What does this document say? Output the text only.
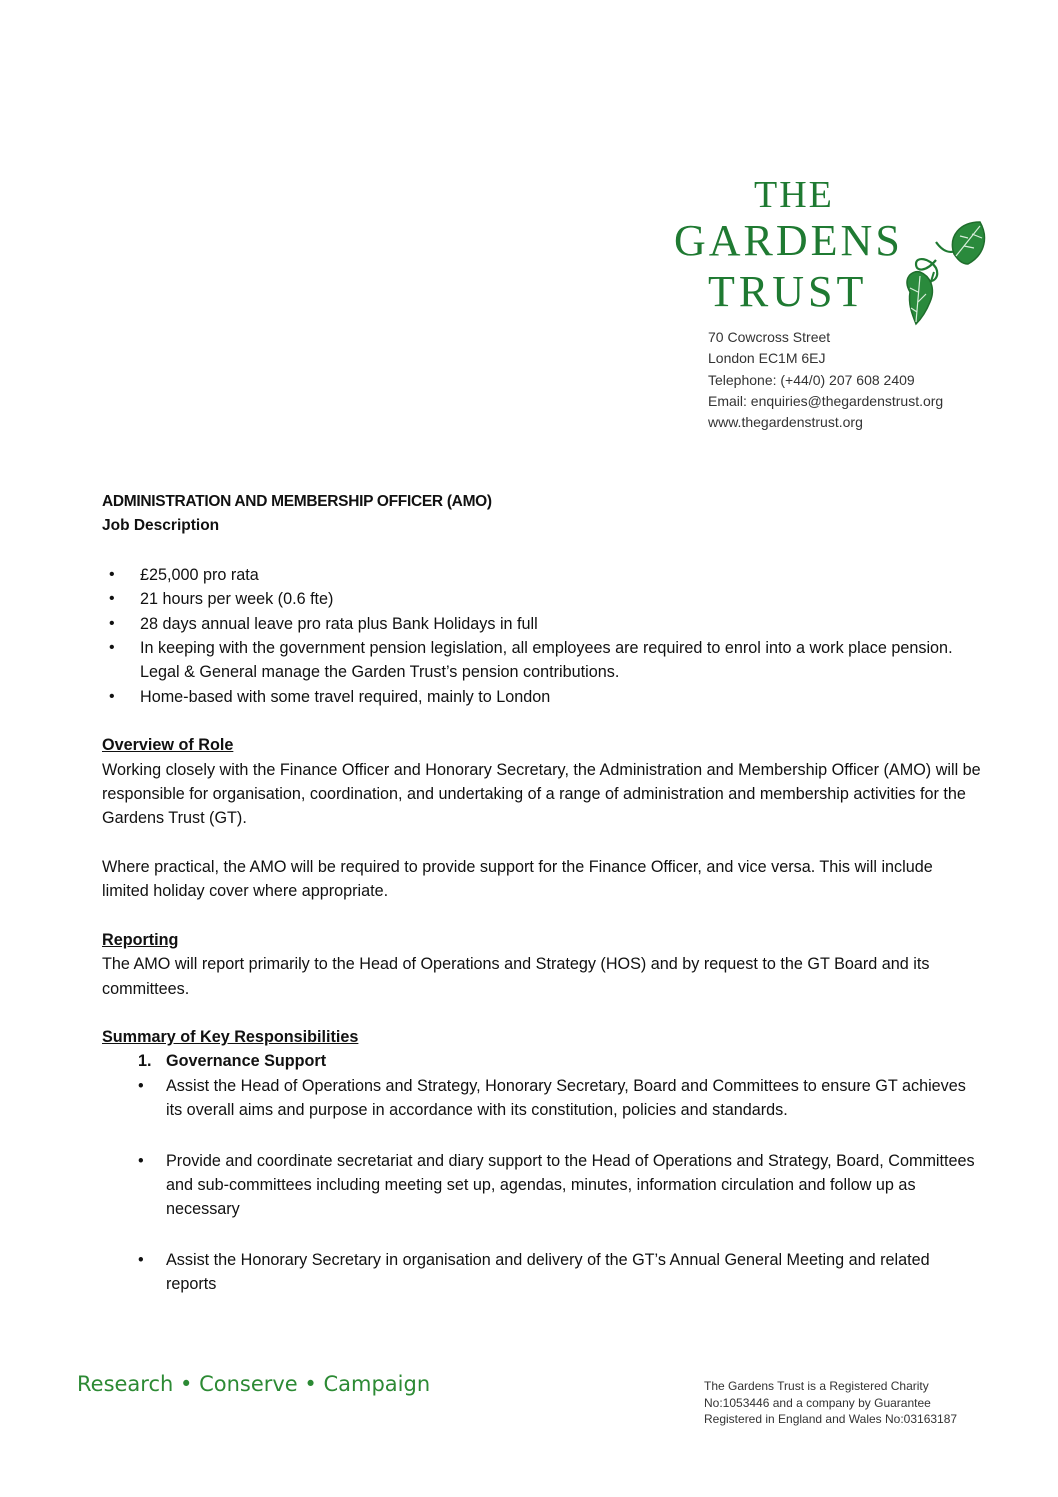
THE
GARDENS
TRUST
70 Cowcross Street
London EC1M 6EJ
Telephone: (+44/0) 207 608 2409
Email: enquiries@thegardenstrust.org
www.thegardenstrust.org
ADMINISTRATION AND MEMBERSHIP OFFICER (AMO)
Job Description
• £25,000 pro rata
• 21 hours per week (0.6 fte)
• 28 days annual leave pro rata plus Bank Holidays in full
• In keeping with the government pension legislation, all employees are required to enrol into a work place pension. Legal & General manage the Garden Trust’s pension contributions.
• Home-based with some travel required, mainly to London
Overview of Role
Working closely with the Finance Officer and Honorary Secretary, the Administration and Membership Officer (AMO) will be responsible for organisation, coordination, and undertaking of a range of administration and membership activities for the Gardens Trust (GT).
Where practical, the AMO will be required to provide support for the Finance Officer, and vice versa. This will include limited holiday cover where appropriate.
Reporting
The AMO will report primarily to the Head of Operations and Strategy (HOS) and by request to the GT Board and its committees.
Summary of Key Responsibilities
1. Governance Support
• Assist the Head of Operations and Strategy, Honorary Secretary, Board and Committees to ensure GT achieves its overall aims and purpose in accordance with its constitution, policies and standards.
• Provide and coordinate secretariat and diary support to the Head of Operations and Strategy, Board, Committees and sub-committees including meeting set up, agendas, minutes, information circulation and follow up as necessary
• Assist the Honorary Secretary in organisation and delivery of the GT’s Annual General Meeting and related reports
Research • Conserve • Campaign	The Gardens Trust is a Registered Charity
No:1053446 and a company by Guarantee
Registered in England and Wales No:03163187
